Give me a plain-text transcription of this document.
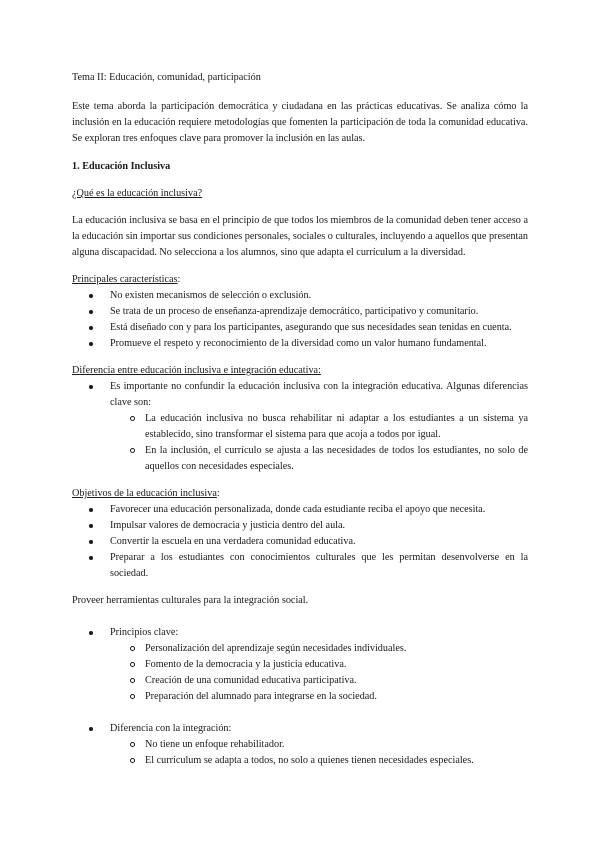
Tema II: Educación, comunidad, participación

Este tema aborda la participación democrática y ciudadana en las prácticas educativas. Se analiza cómo la inclusión en la educación requiere metodologías que fomenten la participación de toda la comunidad educativa. Se exploran tres enfoques clave para promover la inclusión en las aulas.

1. Educación Inclusiva

¿Qué es la educación inclusiva?

La educación inclusiva se basa en el principio de que todos los miembros de la comunidad deben tener acceso a la educación sin importar sus condiciones personales, sociales o culturales, incluyendo a aquellos que presentan alguna discapacidad. No selecciona a los alumnos, sino que adapta el currículum a la diversidad.

Principales características:

No existen mecanismos de selección o exclusión.
Se trata de un proceso de enseñanza-aprendizaje democrático, participativo y comunitario.
Está diseñado con y para los participantes, asegurando que sus necesidades sean tenidas en cuenta.
Promueve el respeto y reconocimiento de la diversidad como un valor humano fundamental.

Diferencia entre educación inclusiva e integración educativa:

Es importante no confundir la educación inclusiva con la integración educativa. Algunas diferencias clave son:
La educación inclusiva no busca rehabilitar ni adaptar a los estudiantes a un sistema ya establecido, sino transformar el sistema para que acoja a todos por igual.
En la inclusión, el currículo se ajusta a las necesidades de todos los estudiantes, no solo de aquellos con necesidades especiales.

Objetivos de la educación inclusiva:

Favorecer una educación personalizada, donde cada estudiante reciba el apoyo que necesita.
Impulsar valores de democracia y justicia dentro del aula.
Convertir la escuela en una verdadera comunidad educativa.
Preparar a los estudiantes con conocimientos culturales que les permitan desenvolverse en la sociedad.

Proveer herramientas culturales para la integración social.

Principios clave:
Personalización del aprendizaje según necesidades individuales.
Fomento de la democracia y la justicia educativa.
Creación de una comunidad educativa participativa.
Preparación del alumnado para integrarse en la sociedad.
Diferencia con la integración:
No tiene un enfoque rehabilitador.
El currículum se adapta a todos, no solo a quienes tienen necesidades especiales.
